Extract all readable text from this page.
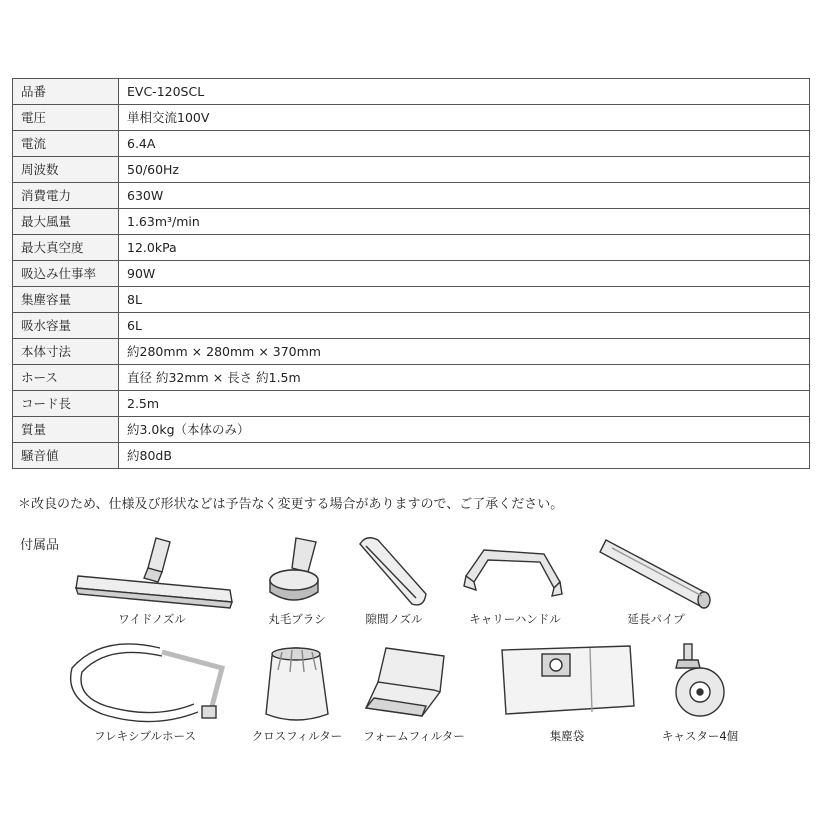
品番	EVC-120SCL
電圧	単相交流100V
電流	6.4A
周波数	50/60Hz
消費電力	630W
最大風量	1.63m³/min
最大真空度	12.0kPa
吸込み仕事率	90W
集塵容量	8L
吸水容量	6L
本体寸法	約280mm × 280mm × 370mm
ホース	直径 約32mm × 長さ 約1.5m
コード長	2.5m
質量	約3.0kg（本体のみ）
騒音値	約80dB
＊改良のため、仕様及び形状などは予告なく変更する場合がありますので、ご了承ください。
付属品
ワイドノズル	丸毛ブラシ	隙間ノズル	キャリーハンドル	延長パイプ
フレキシブルホース	クロスフィルター フォームフィルター	集塵袋	キャスター4個
